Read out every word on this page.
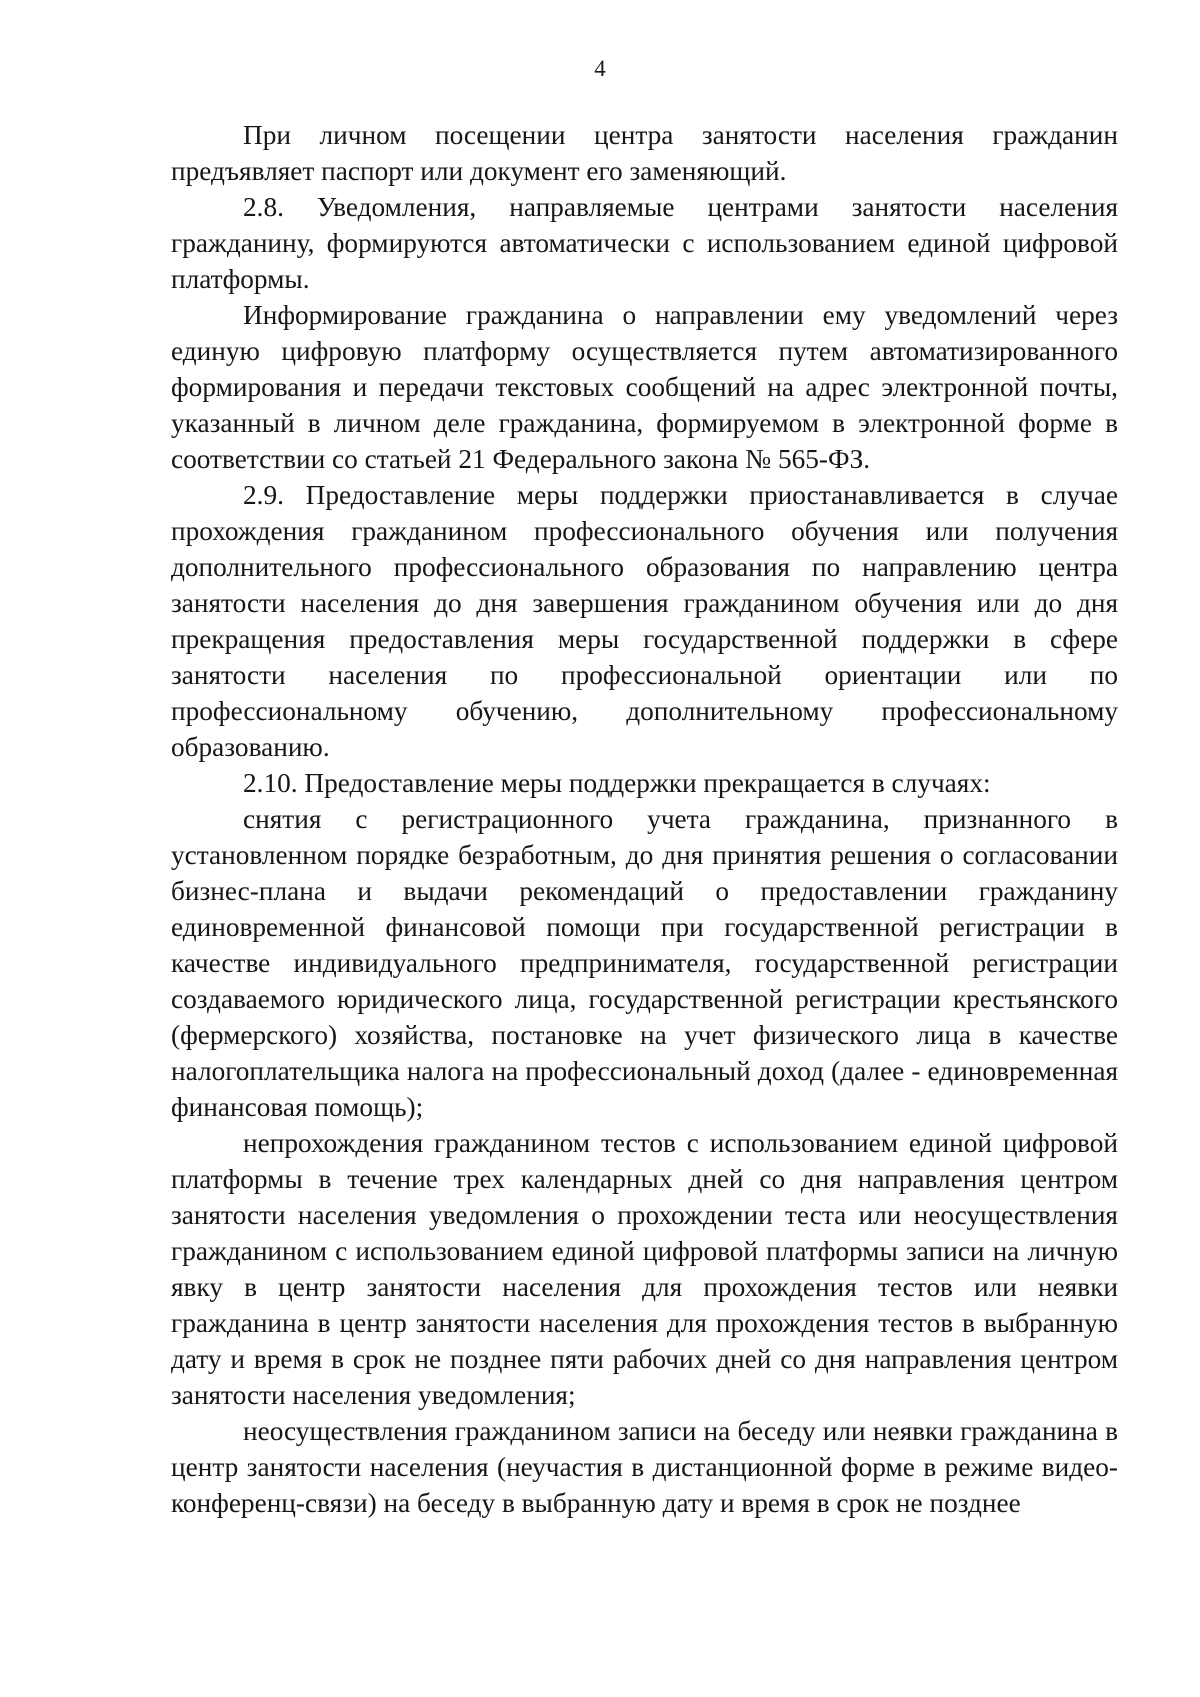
4

При личном посещении центра занятости населения гражданин предъявляет паспорт или документ его заменяющий.

2.8. Уведомления, направляемые центрами занятости населения гражданину, формируются автоматически с использованием единой цифровой платформы.

Информирование гражданина о направлении ему уведомлений через единую цифровую платформу осуществляется путем автоматизированного формирования и передачи текстовых сообщений на адрес электронной почты, указанный в личном деле гражданина, формируемом в электронной форме в соответствии со статьей 21 Федерального закона № 565-ФЗ.

2.9. Предоставление меры поддержки приостанавливается в случае прохождения гражданином профессионального обучения или получения дополнительного профессионального образования по направлению центра занятости населения до дня завершения гражданином обучения или до дня прекращения предоставления меры государственной поддержки в сфере занятости населения по профессиональной ориентации или по профессиональному обучению, дополнительному профессиональному образованию.

2.10. Предоставление меры поддержки прекращается в случаях:

снятия с регистрационного учета гражданина, признанного в установленном порядке безработным, до дня принятия решения о согласовании бизнес-плана и выдачи рекомендаций о предоставлении гражданину единовременной финансовой помощи при государственной регистрации в качестве индивидуального предпринимателя, государственной регистрации создаваемого юридического лица, государственной регистрации крестьянского (фермерского) хозяйства, постановке на учет физического лица в качестве налогоплательщика налога на профессиональный доход (далее - единовременная финансовая помощь);

непрохождения гражданином тестов с использованием единой цифровой платформы в течение трех календарных дней со дня направления центром занятости населения уведомления о прохождении теста или неосуществления гражданином с использованием единой цифровой платформы записи на личную явку в центр занятости населения для прохождения тестов или неявки гражданина в центр занятости населения для прохождения тестов в выбранную дату и время в срок не позднее пяти рабочих дней со дня направления центром занятости населения уведомления;

неосуществления гражданином записи на беседу или неявки гражданина в центр занятости населения (неучастия в дистанционной форме в режиме видео-конференц-связи) на беседу в выбранную дату и время в срок не позднее
